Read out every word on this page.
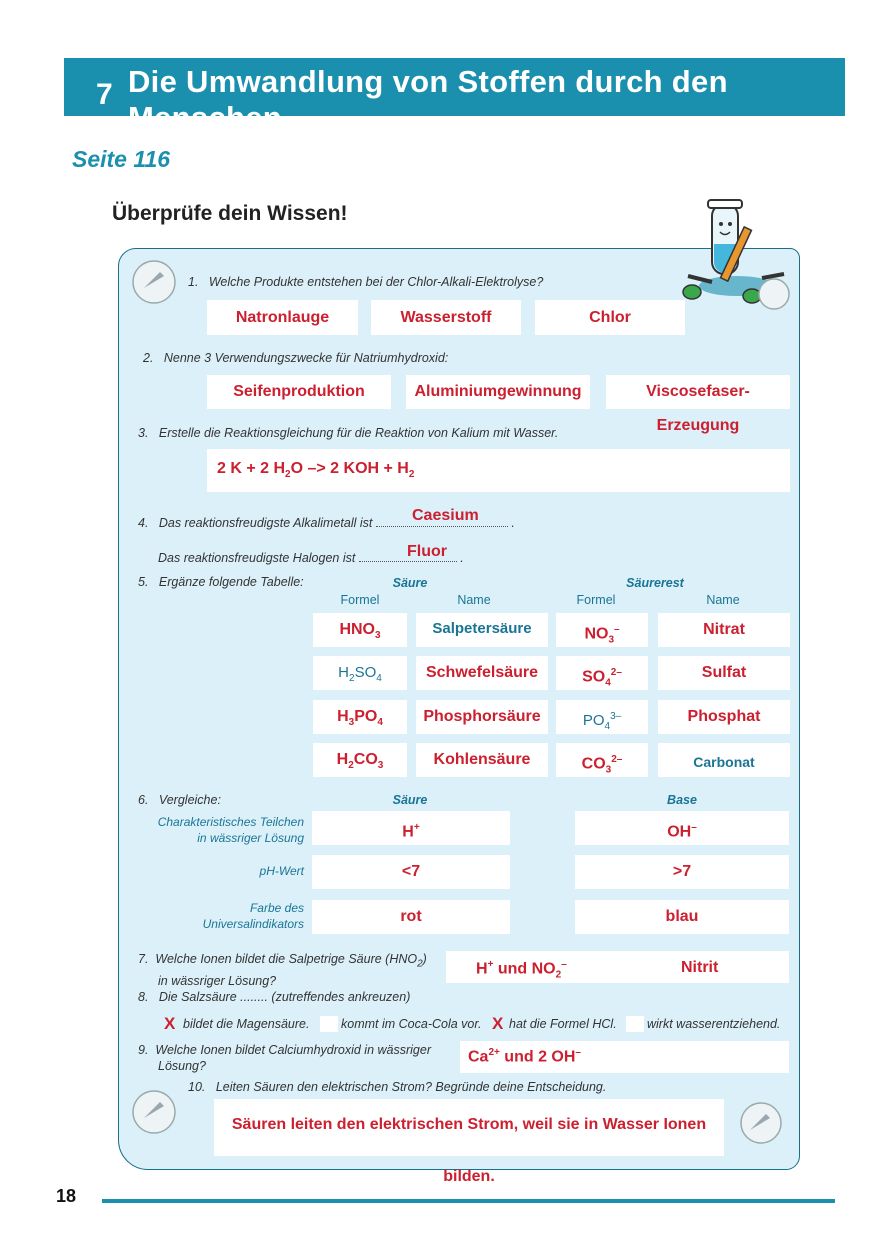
7 Die Umwandlung von Stoffen durch den Menschen
Seite 116
Überprüfe dein Wissen!
1. Welche Produkte entstehen bei der Chlor-Alkali-Elektrolyse?
Natronlauge	Wasserstoff	Chlor
2. Nenne 3 Verwendungszwecke für Natriumhydroxid:
Seifenproduktion	Aluminiumgewinnung	Viscosefaser-Erzeugung
3. Erstelle die Reaktionsgleichung für die Reaktion von Kalium mit Wasser.
2 K + 2 $H_2O -> 2$ KOH + $H_2$
4. Das reaktionsfreudigste Alkalimetall ist	.
Caesium
Das reaktionsfreudigste Halogen ist	.
Fluor
5. Ergänze folgende Tabelle:	Säure	Säurerest
Formel	Name	Formel	Name
$HNO_3$	Salpetersäure	$NO_3^-$	Nitrat
$H_2SO_4$	Schwefelsäure	$SO_4^{2-}$	Sulfat
$H_3PO_4$	Phosphorsäure	$PO_4^{3-}$	Phosphat
$H_2CO_3$	Kohlensäure	$CO_3^{2-}$	Carbonat
6. Vergleiche:	Säure	Base
Charakteristisches Teilchen
in wässriger Lösung	H+	OH–
pH-Wert	<7	>7
Farbe des
Universalindikators	rot	blau
7. Welche Ionen bildet die Salpetrige Säure $(HNO_2)$
in wässriger Lösung?
H+ und $NO_2^-$	Nitrit
8. Die Salzsäure ........ (zutreffendes ankreuzen)
X bildet die Magensäure.	kommt im Coca-Cola vor. X hat die Formel HCl. wirkt wasserentziehend.
9. Welche Ionen bildet Calciumhydroxid in wässriger
Lösung?
$Ca^{2+}$ und 2 OH–
10. Leiten Säuren den elektrischen Strom? Begründe deine Entscheidung.
Säuren leiten den elektrischen Strom, weil sie in Wasser Ionen bilden.
18
